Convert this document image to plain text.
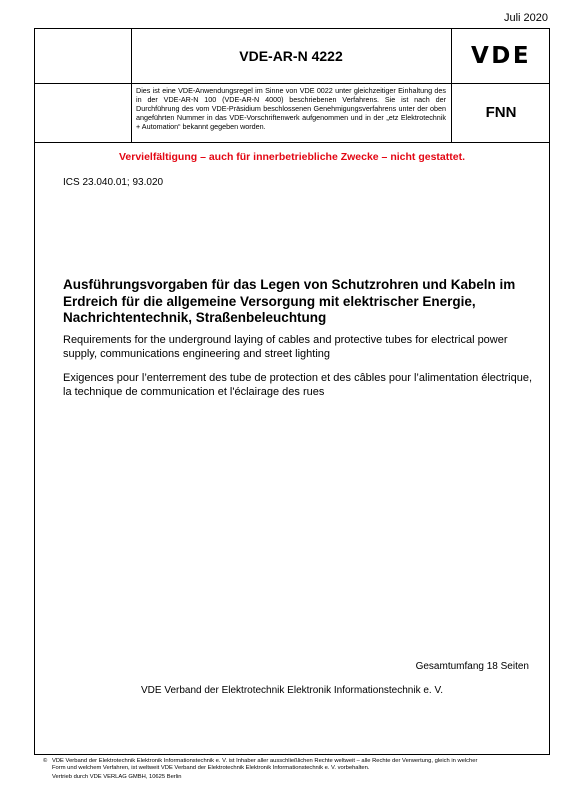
Juli 2020
VDE-AR-N 4222	VDE
Dies ist eine VDE-Anwendungsregel im Sinne von VDE 0022 unter gleichzeitiger Einhaltung des in der VDE-AR-N 100 (VDE-AR-N 4000) beschriebenen Verfahrens. Sie ist nach der Durchführung des vom VDE-Präsidium beschlossenen Genehmigungsverfahrens unter der oben angeführten Nummer in das VDE-Vorschriftenwerk aufgenommen und in der „etz Elektrotechnik + Automation“ bekannt gegeben worden.
FNN
Vervielfältigung – auch für innerbetriebliche Zwecke – nicht gestattet.
ICS 23.040.01; 93.020
Ausführungsvorgaben für das Legen von Schutzrohren und Kabeln im Erdreich für die allgemeine Versorgung mit elektrischer Energie, Nachrichtentechnik, Straßenbeleuchtung
Requirements for the underground laying of cables and protective tubes for electrical power supply, communications engineering and street lighting
Exigences pour l’enterrement des tube de protection et des câbles pour l’alimentation électrique, la technique de communication et l'éclairage des rues
Gesamtumfang 18 Seiten
VDE Verband der Elektrotechnik Elektronik Informationstechnik e. V.
© VDE Verband der Elektrotechnik Elektronik Informationstechnik e. V. ist Inhaber aller ausschließlichen Rechte weltweit – alle Rechte der Verwertung, gleich in welcher Form und welchem Verfahren, ist weltweit VDE Verband der Elektrotechnik Elektronik Informationstechnik e. V. vorbehalten.
Vertrieb durch VDE VERLAG GMBH, 10625 Berlin
